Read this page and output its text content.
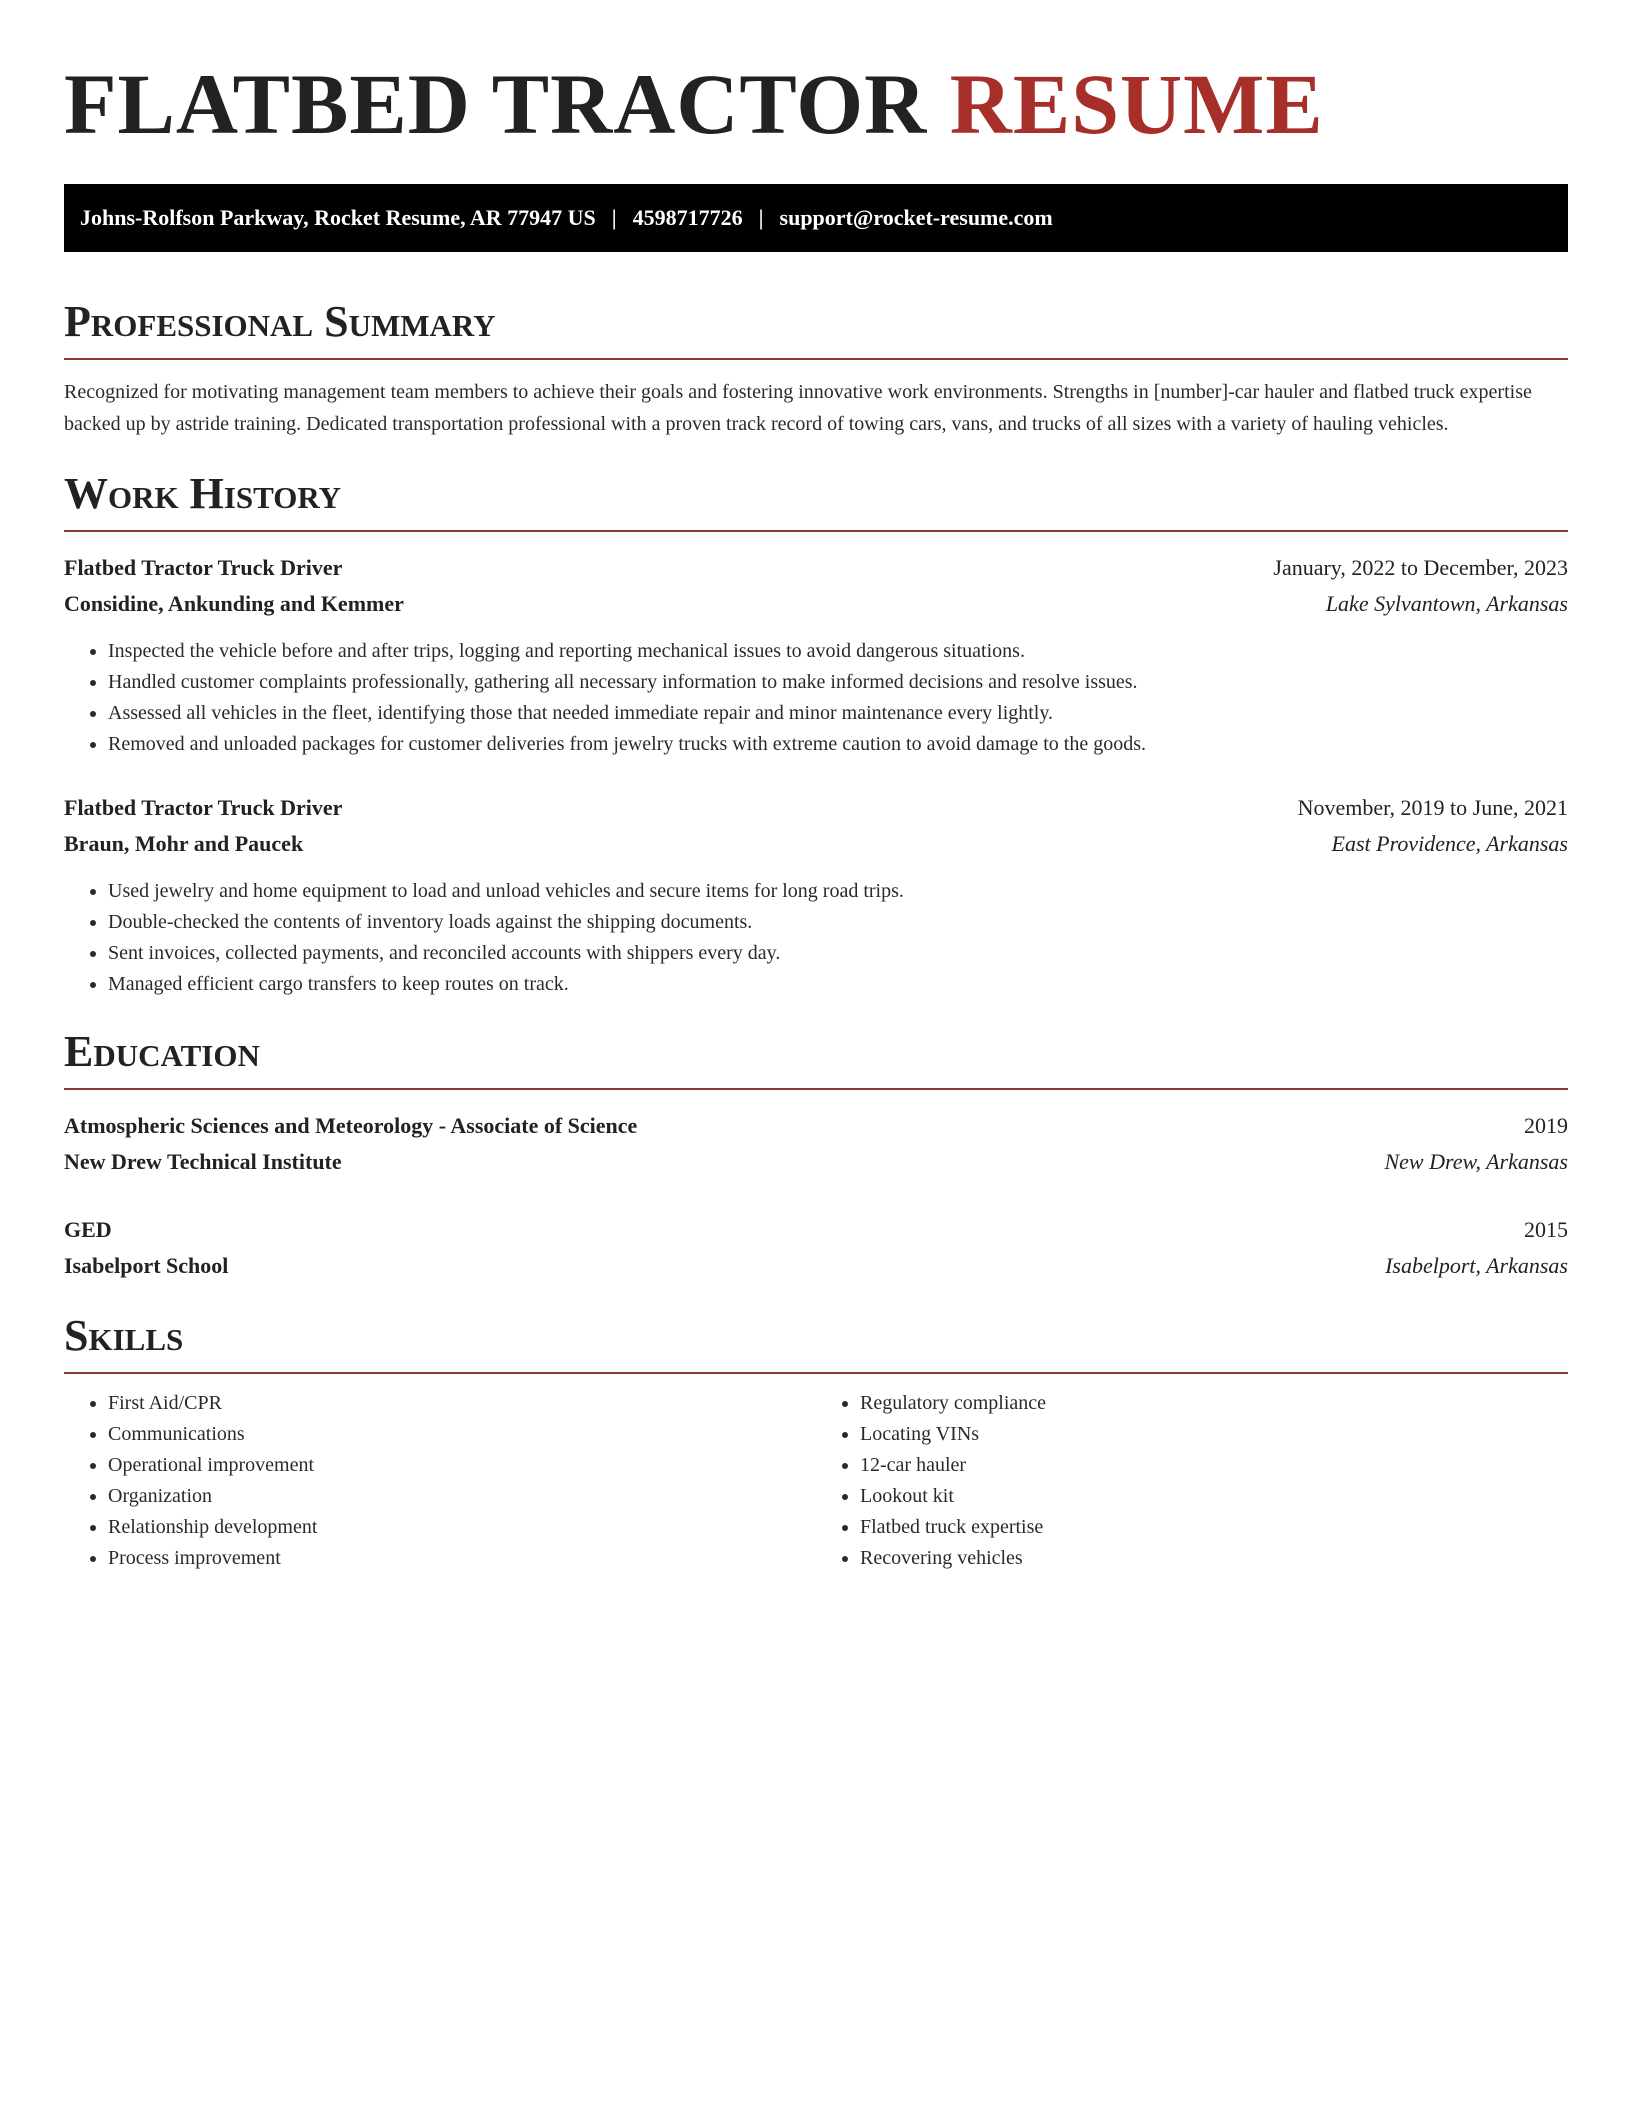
FLATBED TRACTOR RESUME
Johns-Rolfson Parkway, Rocket Resume, AR 77947 US | 4598717726 | support@rocket-resume.com
Professional Summary

Recognized for motivating management team members to achieve their goals and fostering innovative work environments. Strengths in [number]-car hauler and flatbed truck expertise backed up by astride training. Dedicated transportation professional with a proven track record of towing cars, vans, and trucks of all sizes with a variety of hauling vehicles.

Work History
Flatbed Tractor Truck Driver	January, 2022 to December, 2023
Considine, Ankunding and Kemmer	Lake Sylvantown, Arkansas
• Inspected the vehicle before and after trips, logging and reporting mechanical issues to avoid dangerous situations.
• Handled customer complaints professionally, gathering all necessary information to make informed decisions and resolve issues.
• Assessed all vehicles in the fleet, identifying those that needed immediate repair and minor maintenance every lightly.
• Removed and unloaded packages for customer deliveries from jewelry trucks with extreme caution to avoid damage to the goods.
Flatbed Tractor Truck Driver	November, 2019 to June, 2021
Braun, Mohr and Paucek	East Providence, Arkansas
• Used jewelry and home equipment to load and unload vehicles and secure items for long road trips.
• Double-checked the contents of inventory loads against the shipping documents.
• Sent invoices, collected payments, and reconciled accounts with shippers every day.
• Managed efficient cargo transfers to keep routes on track.
Education
Atmospheric Sciences and Meteorology - Associate of Science	2019
New Drew Technical Institute	New Drew, Arkansas
GED	2015
Isabelport School	Isabelport, Arkansas
Skills
• First Aid/CPR
• Communications
• Operational improvement
• Organization
• Relationship development
• Process improvement
• Regulatory compliance
• Locating VINs
• 12-car hauler
• Lookout kit
• Flatbed truck expertise
• Recovering vehicles
